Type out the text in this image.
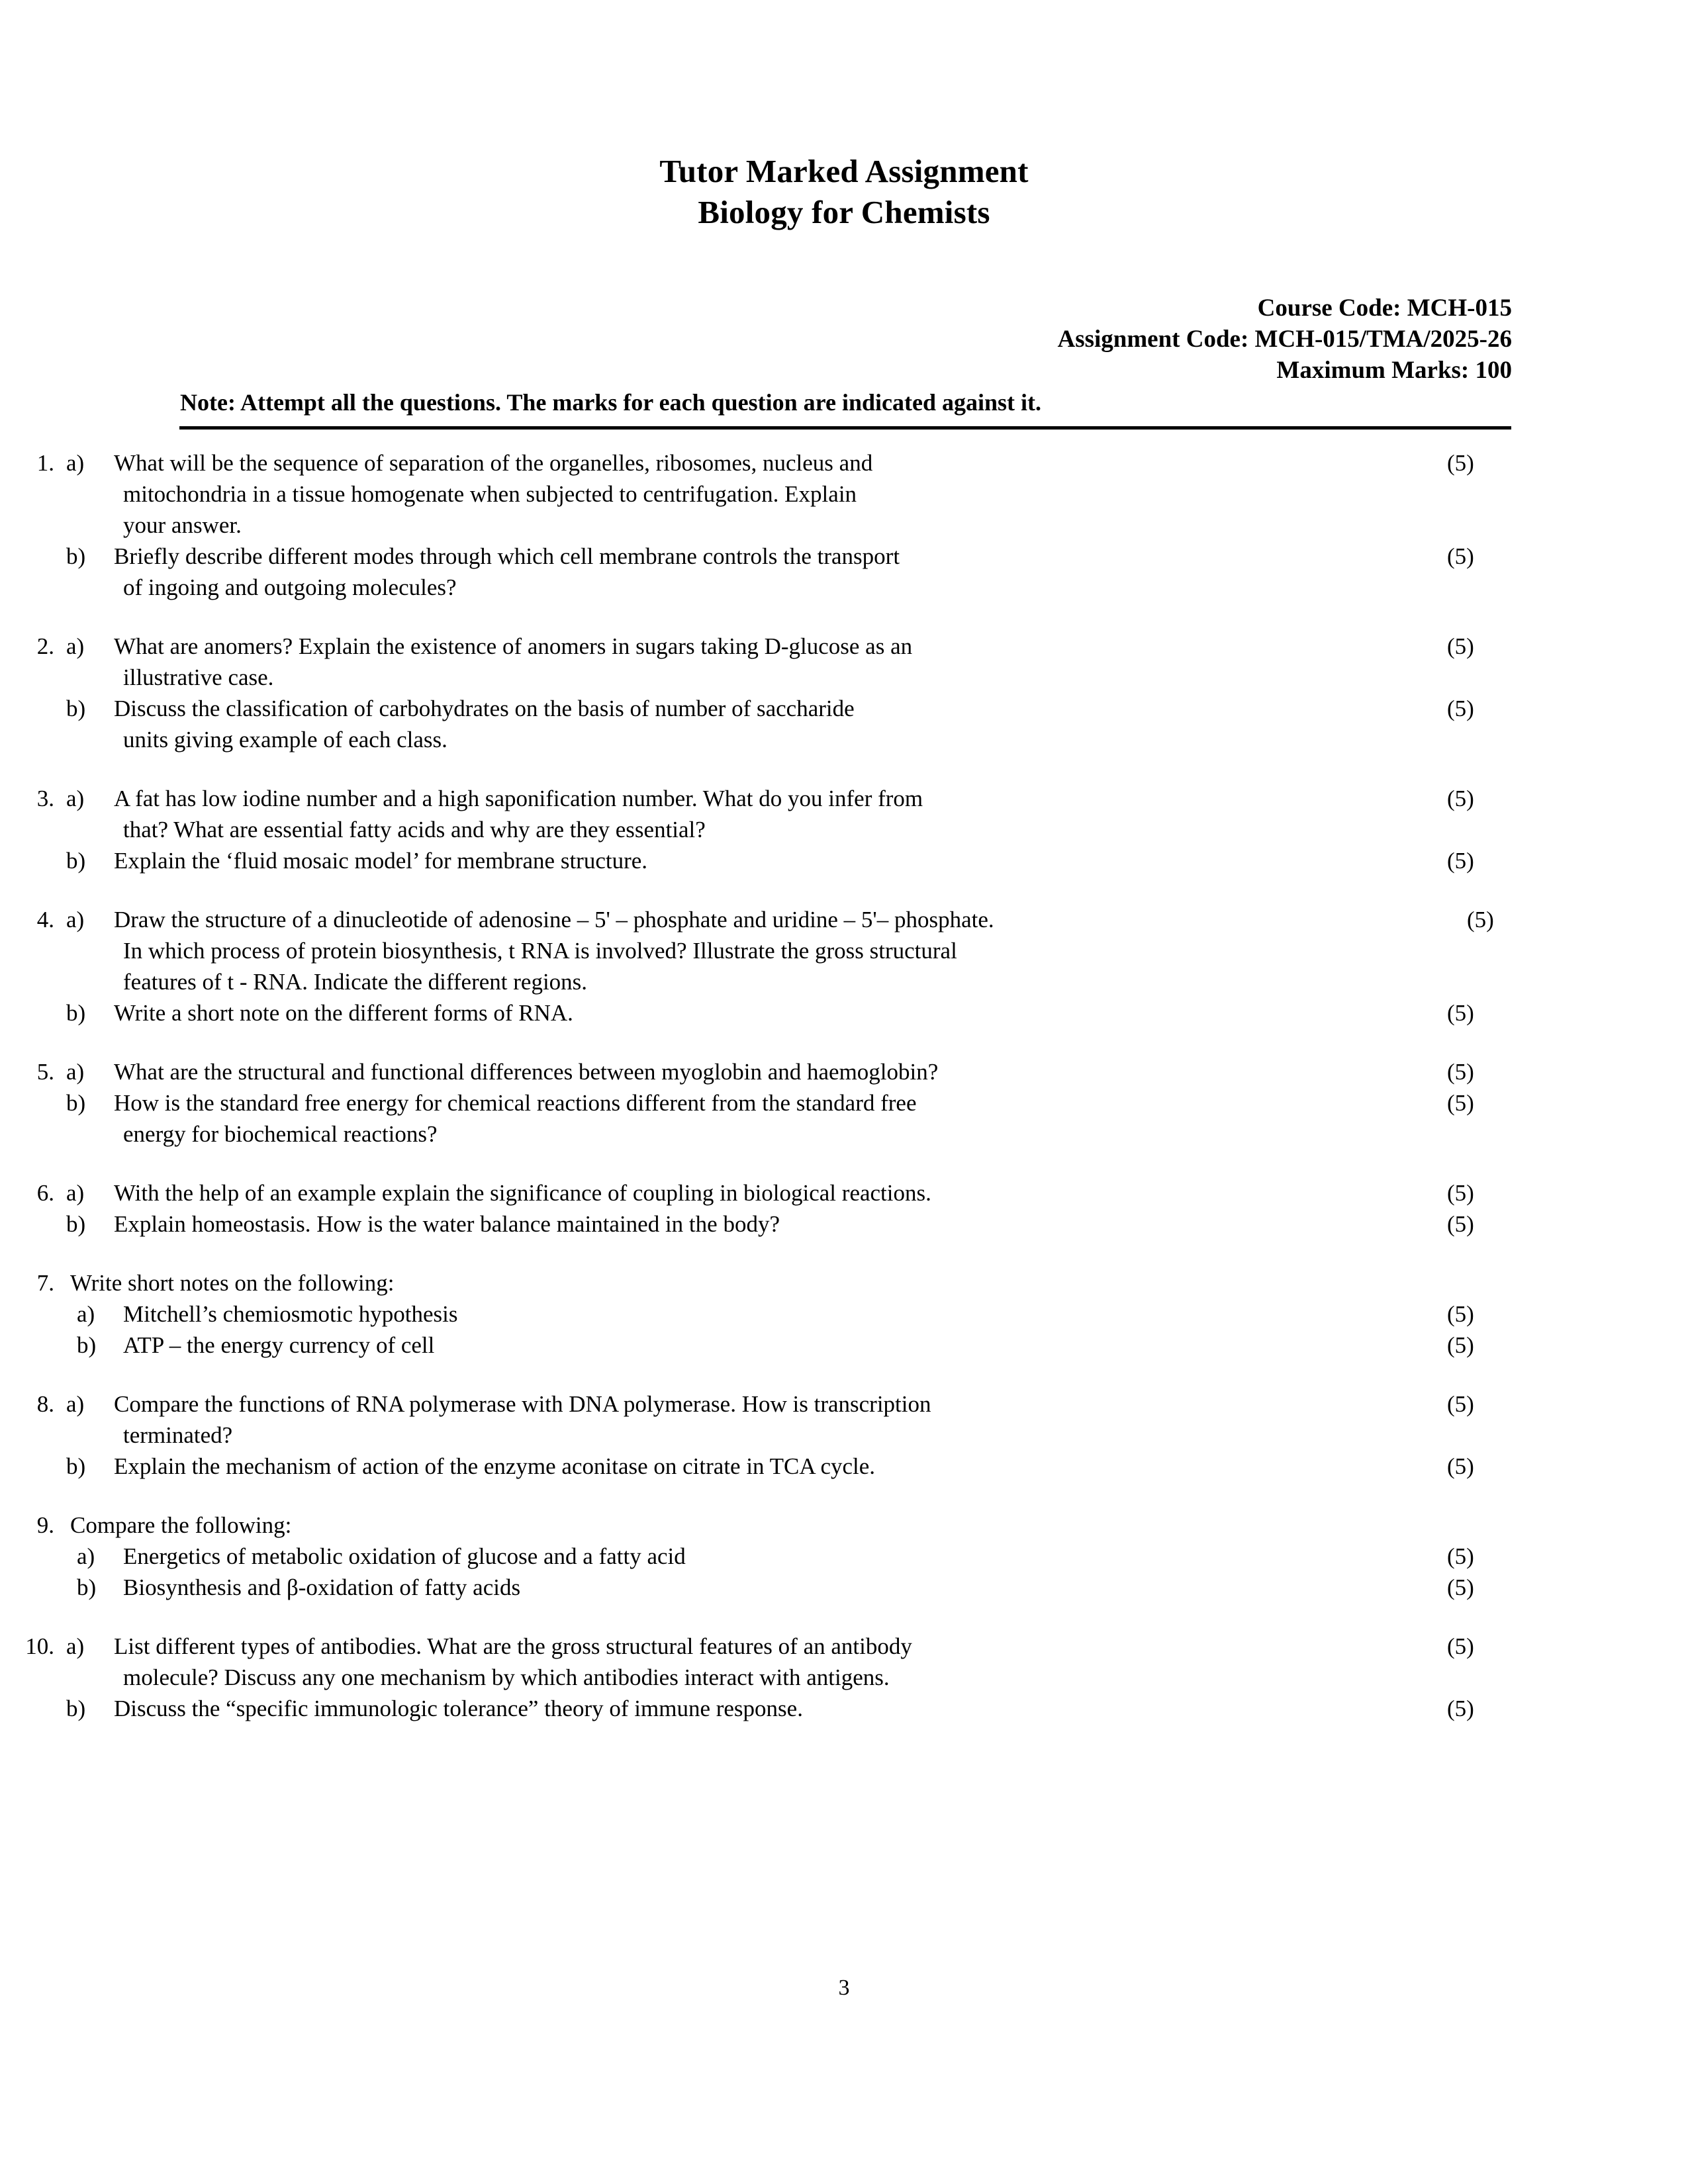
Tutor Marked Assignment
Biology for Chemists
Course Code: MCH-015
Assignment Code: MCH-015/TMA/2025-26
Maximum Marks: 100
Note: Attempt all the questions. The marks for each question are indicated against it.
1. a)	What will be the sequence of separation of the organelles, ribosomes, nucleus and
mitochondria in a tissue homogenate when subjected to centrifugation. Explain
your answer.
(5)
b)	Briefly describe different modes through which cell membrane controls the transport
of ingoing and outgoing molecules?
(5)
2. a)	What are anomers? Explain the existence of anomers in sugars taking D-glucose as an
illustrative case.
(5)
b)	Discuss the classification of carbohydrates on the basis of number of saccharide
units giving example of each class.
(5)
3. a)	A fat has low iodine number and a high saponification number. What do you infer from
that? What are essential fatty acids and why are they essential?
(5)
b)	Explain the ‘fluid mosaic model’ for membrane structure.	(5)
4. a)	Draw the structure of a dinucleotide of adenosine – 5' – phosphate and uridine – 5'– phosphate.
In which process of protein biosynthesis, t RNA is involved? Illustrate the gross structural
features of t - RNA. Indicate the different regions.
(5)
b)	Write a short note on the different forms of RNA.	(5)
5. a)	What are the structural and functional differences between myoglobin and haemoglobin?	(5)
b)	How is the standard free energy for chemical reactions different from the standard free
energy for biochemical reactions?
(5)
6. a)	With the help of an example explain the significance of coupling in biological reactions.	(5)
b)	Explain homeostasis. How is the water balance maintained in the body?	(5)
7. Write short notes on the following:
a)	Mitchell’s chemiosmotic hypothesis	(5)
b)	ATP – the energy currency of cell	(5)
8. a)	Compare the functions of RNA polymerase with DNA polymerase. How is transcription
terminated?
(5)
b)	Explain the mechanism of action of the enzyme aconitase on citrate in TCA cycle.	(5)
9. Compare the following:
a)	Energetics of metabolic oxidation of glucose and a fatty acid	(5)
b)	Biosynthesis and β-oxidation of fatty acids	(5)
10. a)	List different types of antibodies. What are the gross structural features of an antibody
molecule? Discuss any one mechanism by which antibodies interact with antigens.
(5)
b)	Discuss the “specific immunologic tolerance” theory of immune response.	(5)
3
